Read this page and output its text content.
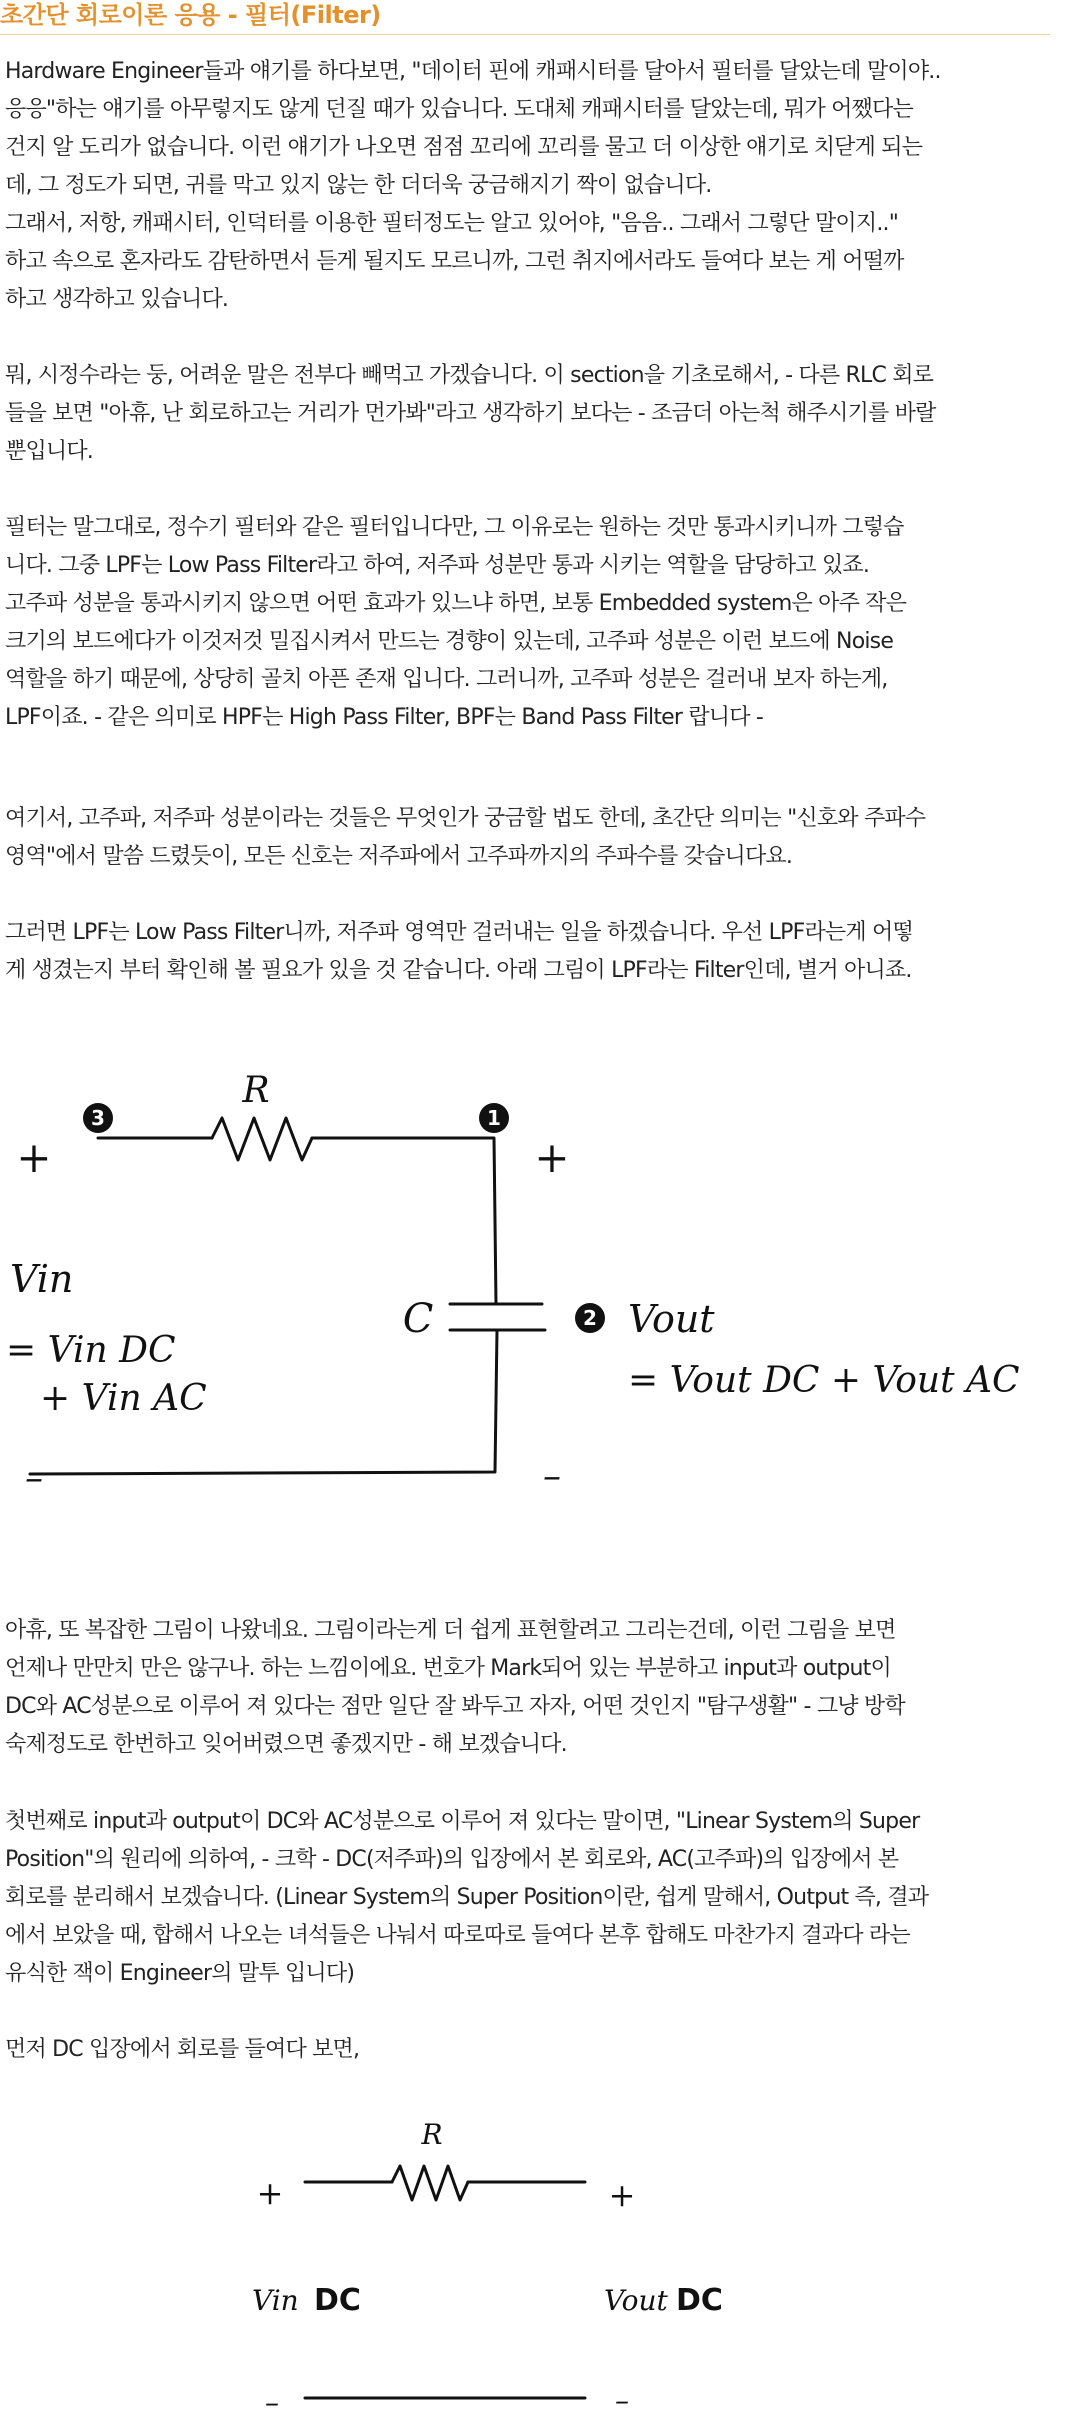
초간단 회로이론 응용 - 필터(Filter)
Hardware Engineer들과 얘기를 하다보면, "데이터 핀에 캐패시터를 달아서 필터를 달았는데 말이야..
응응"하는 얘기를 아무렇지도 않게 던질 때가 있습니다. 도대체 캐패시터를 달았는데, 뭐가 어쨌다는
건지 알 도리가 없습니다. 이런 얘기가 나오면 점점 꼬리에 꼬리를 물고 더 이상한 얘기로 치닫게 되는
데, 그 정도가 되면, 귀를 막고 있지 않는 한 더더욱 궁금해지기 짝이 없습니다.
그래서, 저항, 캐패시터, 인덕터를 이용한 필터정도는 알고 있어야, "음음.. 그래서 그렇단 말이지.."
하고 속으로 혼자라도 감탄하면서 듣게 될지도 모르니까, 그런 취지에서라도 들여다 보는 게 어떨까
하고 생각하고 있습니다.
뭐, 시정수라는 둥, 어려운 말은 전부다 빼먹고 가겠습니다. 이 section을 기초로해서, - 다른 RLC 회로
들을 보면 "아휴, 난 회로하고는 거리가 먼가봐"라고 생각하기 보다는 - 조금더 아는척 해주시기를 바랄
뿐입니다.
필터는 말그대로, 정수기 필터와 같은 필터입니다만, 그 이유로는 원하는 것만 통과시키니까 그렇습
니다. 그중 LPF는 Low Pass Filter라고 하여, 저주파 성분만 통과 시키는 역할을 담당하고 있죠.
고주파 성분을 통과시키지 않으면 어떤 효과가 있느냐 하면, 보통 Embedded system은 아주 작은
크기의 보드에다가 이것저것 밀집시켜서 만드는 경향이 있는데, 고주파 성분은 이런 보드에 Noise
역할을 하기 때문에, 상당히 골치 아픈 존재 입니다. 그러니까, 고주파 성분은 걸러내 보자 하는게,
LPF이죠. - 같은 의미로 HPF는 High Pass Filter, BPF는 Band Pass Filter 랍니다 -
여기서, 고주파, 저주파 성분이라는 것들은 무엇인가 궁금할 법도 한데, 초간단 의미는 "신호와 주파수
영역"에서 말씀 드렸듯이, 모든 신호는 저주파에서 고주파까지의 주파수를 갖습니다요.
그러면 LPF는 Low Pass Filter니까, 저주파 영역만 걸러내는 일을 하겠습니다. 우선 LPF라는게 어떻
게 생겼는지 부터 확인해 볼 필요가 있을 것 같습니다. 아래 그림이 LPF라는 Filter인데, 별거 아니죠.
3	1
2
R
C
+	+
–	–
Vin
= Vin DC
+ Vin AC
Vout
= Vout DC + Vout AC
아휴, 또 복잡한 그림이 나왔네요. 그림이라는게 더 쉽게 표현할려고 그리는건데, 이런 그림을 보면
언제나 만만치 만은 않구나. 하는 느낌이에요. 번호가 Mark되어 있는 부분하고 input과 output이
DC와 AC성분으로 이루어 져 있다는 점만 일단 잘 봐두고 자자, 어떤 것인지 "탐구생활" - 그냥 방학
숙제정도로 한번하고 잊어버렸으면 좋겠지만 - 해 보겠습니다.
첫번째로 input과 output이 DC와 AC성분으로 이루어 져 있다는 말이면, "Linear System의 Super
Position"의 원리에 의하여, - 크학 - DC(저주파)의 입장에서 본 회로와, AC(고주파)의 입장에서 본
회로를 분리해서 보겠습니다. (Linear System의 Super Position이란, 쉽게 말해서, Output 즉, 결과
에서 보았을 때, 합해서 나오는 녀석들은 나눠서 따로따로 들여다 본후 합해도 마찬가지 결과다 라는
유식한 잭이 Engineer의 말투 입니다)
먼저 DC 입장에서 회로를 들여다 보면,
R
+	+
–	–
Vin DC	Vout DC
